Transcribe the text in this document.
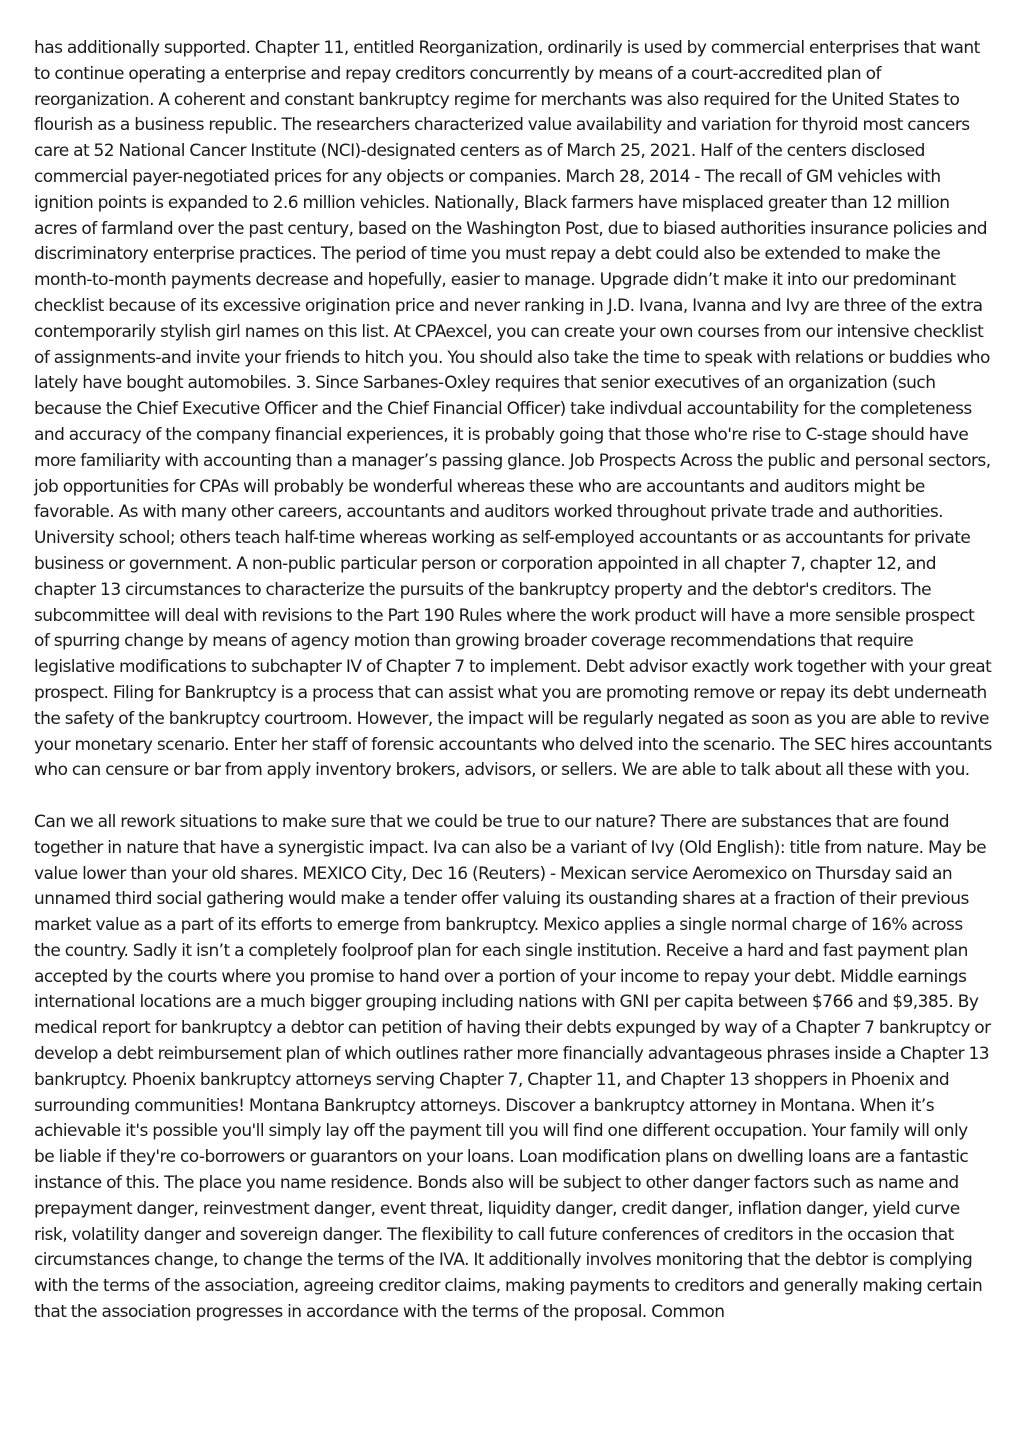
has additionally supported. Chapter 11, entitled Reorganization, ordinarily is used by commercial enterprises that want to continue operating a enterprise and repay creditors concurrently by means of a court-accredited plan of reorganization. A coherent and constant bankruptcy regime for merchants was also required for the United States to flourish as a business republic. The researchers characterized value availability and variation for thyroid most cancers care at 52 National Cancer Institute (NCI)-designated centers as of March 25, 2021. Half of the centers disclosed commercial payer-negotiated prices for any objects or companies. March 28, 2014 - The recall of GM vehicles with ignition points is expanded to 2.6 million vehicles. Nationally, Black farmers have misplaced greater than 12 million acres of farmland over the past century, based on the Washington Post, due to biased authorities insurance policies and discriminatory enterprise practices. The period of time you must repay a debt could also be extended to make the month-to-month payments decrease and hopefully, easier to manage. Upgrade didn’t make it into our predominant checklist because of its excessive origination price and never ranking in J.D. Ivana, Ivanna and Ivy are three of the extra contemporarily stylish girl names on this list. At CPAexcel, you can create your own courses from our intensive checklist of assignments-and invite your friends to hitch you. You should also take the time to speak with relations or buddies who lately have bought automobiles. 3. Since Sarbanes-Oxley requires that senior executives of an organization (such because the Chief Executive Officer and the Chief Financial Officer) take indivdual accountability for the completeness and accuracy of the company financial experiences, it is probably going that those who're rise to C-stage should have more familiarity with accounting than a manager’s passing glance. Job Prospects Across the public and personal sectors, job opportunities for CPAs will probably be wonderful whereas these who are accountants and auditors might be favorable. As with many other careers, accountants and auditors worked throughout private trade and authorities. University school; others teach half-time whereas working as self-employed accountants or as accountants for private business or government. A non-public particular person or corporation appointed in all chapter 7, chapter 12, and chapter 13 circumstances to characterize the pursuits of the bankruptcy property and the debtor's creditors. The subcommittee will deal with revisions to the Part 190 Rules where the work product will have a more sensible prospect of spurring change by means of agency motion than growing broader coverage recommendations that require legislative modifications to subchapter IV of Chapter 7 to implement. Debt advisor exactly work together with your great prospect. Filing for Bankruptcy is a process that can assist what you are promoting remove or repay its debt underneath the safety of the bankruptcy courtroom. However, the impact will be regularly negated as soon as you are able to revive your monetary scenario. Enter her staff of forensic accountants who delved into the scenario. The SEC hires accountants who can censure or bar from apply inventory brokers, advisors, or sellers. We are able to talk about all these with you.

Can we all rework situations to make sure that we could be true to our nature? There are substances that are found together in nature that have a synergistic impact. Iva can also be a variant of Ivy (Old English): title from nature. May be value lower than your old shares. MEXICO City, Dec 16 (Reuters) - Mexican service Aeromexico on Thursday said an unnamed third social gathering would make a tender offer valuing its oustanding shares at a fraction of their previous market value as a part of its efforts to emerge from bankruptcy. Mexico applies a single normal charge of 16% across the country. Sadly it isn’t a completely foolproof plan for each single institution. Receive a hard and fast payment plan accepted by the courts where you promise to hand over a portion of your income to repay your debt. Middle earnings international locations are a much bigger grouping including nations with GNI per capita between $766 and $9,385. By medical report for bankruptcy a debtor can petition of having their debts expunged by way of a Chapter 7 bankruptcy or develop a debt reimbursement plan of which outlines rather more financially advantageous phrases inside a Chapter 13 bankruptcy. Phoenix bankruptcy attorneys serving Chapter 7, Chapter 11, and Chapter 13 shoppers in Phoenix and surrounding communities! Montana Bankruptcy attorneys. Discover a bankruptcy attorney in Montana. When it’s achievable it's possible you'll simply lay off the payment till you will find one different occupation. Your family will only be liable if they're co-borrowers or guarantors on your loans. Loan modification plans on dwelling loans are a fantastic instance of this. The place you name residence. Bonds also will be subject to other danger factors such as name and prepayment danger, reinvestment danger, event threat, liquidity danger, credit danger, inflation danger, yield curve risk, volatility danger and sovereign danger. The flexibility to call future conferences of creditors in the occasion that circumstances change, to change the terms of the IVA. It additionally involves monitoring that the debtor is complying with the terms of the association, agreeing creditor claims, making payments to creditors and generally making certain that the association progresses in accordance with the terms of the proposal. Common
